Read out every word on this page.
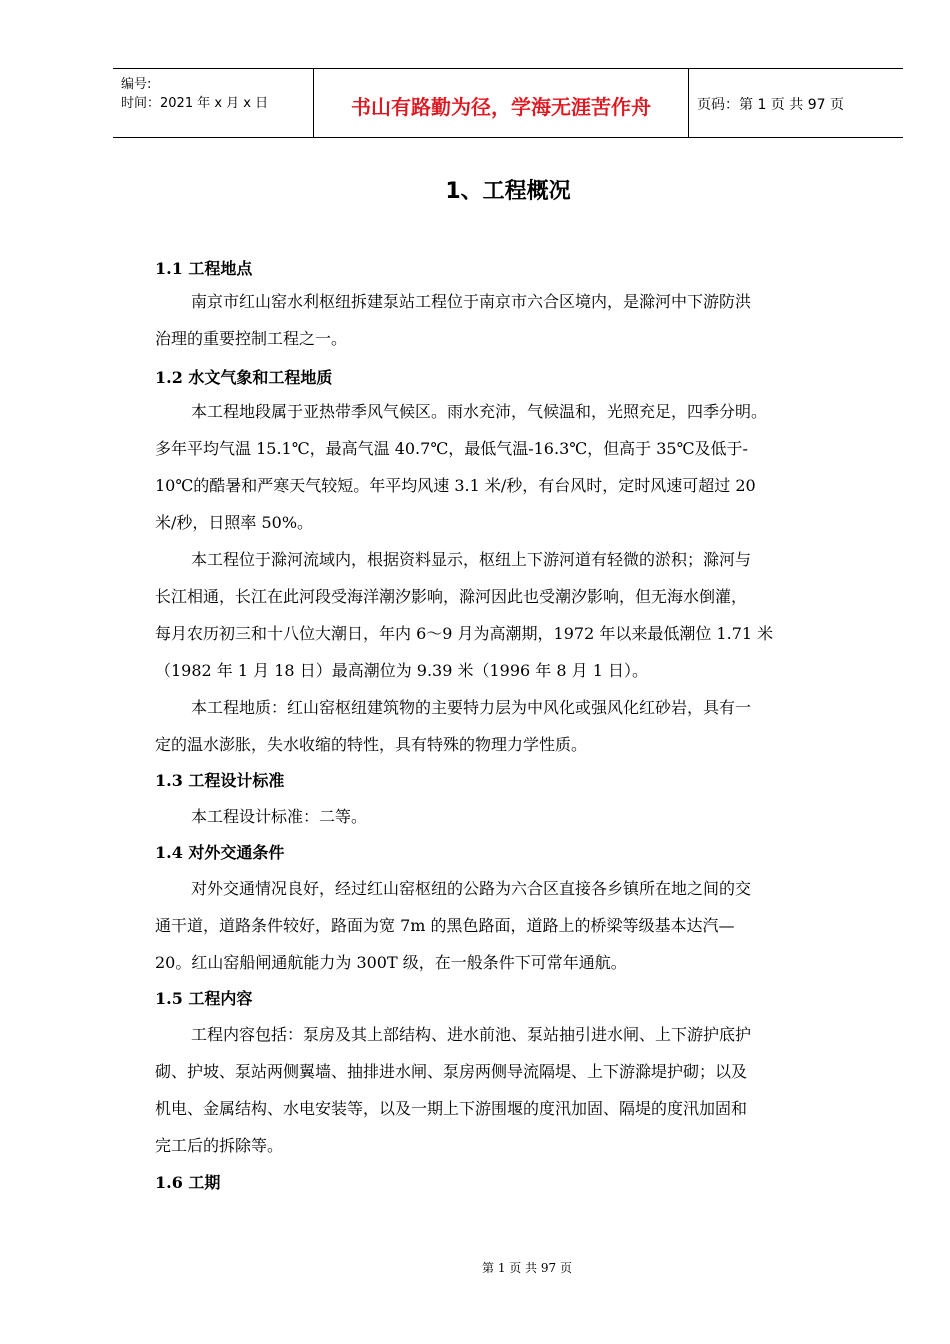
编号:
时间：2021 年 x 月 x 日	书山有路勤为径，学海无涯苦作舟	页码：第 1 页 共 97 页
1、工程概况
1.1 工程地点
南京市红山窑水利枢纽拆建泵站工程位于南京市六合区境内，是滁河中下游防洪
治理的重要控制工程之一。
1.2 水文气象和工程地质
本工程地段属于亚热带季风气候区。雨水充沛，气候温和，光照充足，四季分明。
多年平均气温 15.1℃，最高气温 40.7℃，最低气温-16.3℃，但高于 35℃及低于-
10℃的酷暑和严寒天气较短。年平均风速 3.1 米/秒，有台风时，定时风速可超过 20
米/秒，日照率 50%。
本工程位于滁河流域内，根据资料显示，枢纽上下游河道有轻微的淤积；滁河与
长江相通，长江在此河段受海洋潮汐影响，滁河因此也受潮汐影响，但无海水倒灌，
每月农历初三和十八位大潮日，年内 6～9 月为高潮期，1972 年以来最低潮位 1.71 米
（1982 年 1 月 18 日）最高潮位为 9.39 米（1996 年 8 月 1 日）。
本工程地质：红山窑枢纽建筑物的主要特力层为中风化或强风化红砂岩，具有一
定的温水澎胀，失水收缩的特性，具有特殊的物理力学性质。
1.3 工程设计标准
本工程设计标准：二等。
1.4 对外交通条件
对外交通情况良好，经过红山窑枢纽的公路为六合区直接各乡镇所在地之间的交
通干道，道路条件较好，路面为宽 7m 的黑色路面，道路上的桥梁等级基本达汽—
20。红山窑船闸通航能力为 300T 级，在一般条件下可常年通航。
1.5 工程内容
工程内容包括：泵房及其上部结构、进水前池、泵站抽引进水闸、上下游护底护
砌、护坡、泵站两侧翼墙、抽排进水闸、泵房两侧导流隔堤、上下游滁堤护砌；以及
机电、金属结构、水电安装等，以及一期上下游围堰的度汛加固、隔堤的度汛加固和
完工后的拆除等。
1.6 工期
第 1 页 共 97 页
